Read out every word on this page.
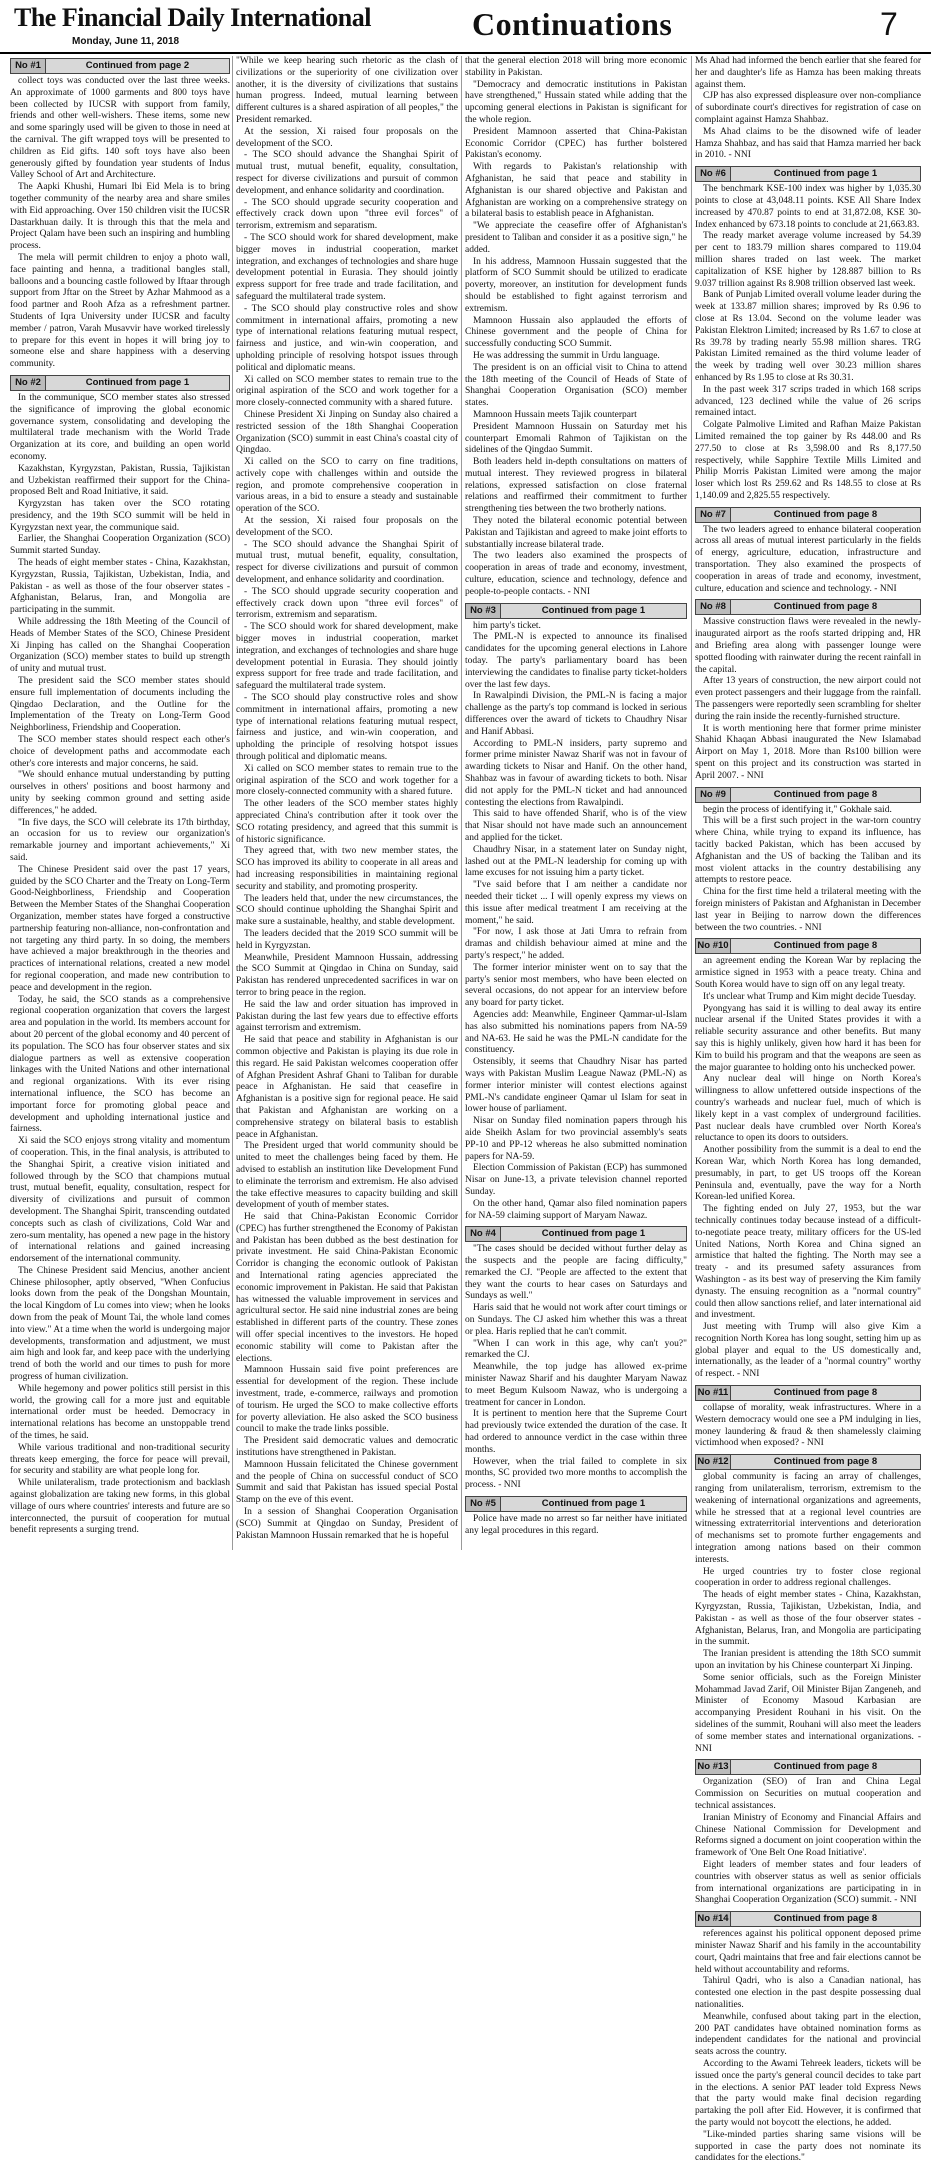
The Financial Daily International
Monday, June 11, 2018	Continuations	7
No #1	Continued from page 2

collect toys was conducted over the last three weeks. An approximate of 1000 garments and 800 toys have been collected by IUCSR with support from family, friends and other well-wishers. These items, some new and some sparingly used will be given to those in need at the carnival. The gift wrapped toys will be presented to children as Eid gifts. 140 soft toys have also been generously gifted by foundation year students of Indus Valley School of Art and Architecture.

The Aapki Khushi, Humari Ibi Eid Mela is to bring together community of the nearby area and share smiles with Eid approaching. Over 150 children visit the IUCSR Dastarkhuan daily. It is through this that the mela and Project Qalam have been such an inspiring and humbling process.

The mela will permit children to enjoy a photo wall, face painting and henna, a traditional bangles stall, balloons and a bouncing castle followed by Iftaar through support from Jftar on the Street by Azhar Mahmood as a food partner and Rooh Afza as a refreshment partner. Students of Iqra University under IUCSR and faculty member / patron, Varah Musavvir have worked tirelessly to prepare for this event in hopes it will bring joy to someone else and share happiness with a deserving community.

No #2	Continued from page 1

In the communique, SCO member states also stressed the significance of improving the global economic governance system, consolidating and developing the multilateral trade mechanism with the World Trade Organization at its core, and building an open world economy.

Kazakhstan, Kyrgyzstan, Pakistan, Russia, Tajikistan and Uzbekistan reaffirmed their support for the China-proposed Belt and Road Initiative, it said.

Kyrgyzstan has taken over the SCO rotating presidency, and the 19th SCO summit will be held in Kyrgyzstan next year, the communique said.

Earlier, the Shanghai Cooperation Organization (SCO) Summit started Sunday.

The heads of eight member states - China, Kazakhstan, Kyrgyzstan, Russia, Tajikistan, Uzbekistan, India, and Pakistan - as well as those of the four observer states - Afghanistan, Belarus, Iran, and Mongolia are participating in the summit.

While addressing the 18th Meeting of the Council of Heads of Member States of the SCO, Chinese President Xi Jinping has called on the Shanghai Cooperation Organization (SCO) member states to build up strength of unity and mutual trust.

The president said the SCO member states should ensure full implementation of documents including the Qingdao Declaration, and the Outline for the Implementation of the Treaty on Long-Term Good Neighborliness, Friendship and Cooperation.

The SCO member states should respect each other's choice of development paths and accommodate each other's core interests and major concerns, he said.

"We should enhance mutual understanding by putting ourselves in others' positions and boost harmony and unity by seeking common ground and setting aside differences," he added.

"In five days, the SCO will celebrate its 17th birthday, an occasion for us to review our organization's remarkable journey and important achievements," Xi said.

The Chinese President said over the past 17 years, guided by the SCO Charter and the Treaty on Long-Term Good-Neighborliness, Friendship and Cooperation Between the Member States of the Shanghai Cooperation Organization, member states have forged a constructive partnership featuring non-alliance, non-confrontation and not targeting any third party. In so doing, the members have achieved a major breakthrough in the theories and practices of international relations, created a new model for regional cooperation, and made new contribution to peace and development in the region.

Today, he said, the SCO stands as a comprehensive regional cooperation organization that covers the largest area and population in the world. Its members account for about 20 percent of the global economy and 40 percent of its population. The SCO has four observer states and six dialogue partners as well as extensive cooperation linkages with the United Nations and other international and regional organizations. With its ever rising international influence, the SCO has become an important force for promoting global peace and development and upholding international justice and fairness.

Xi said the SCO enjoys strong vitality and momentum of cooperation. This, in the final analysis, is attributed to the Shanghai Spirit, a creative vision initiated and followed through by the SCO that champions mutual trust, mutual benefit, equality, consultation, respect for diversity of civilizations and pursuit of common development. The Shanghai Spirit, transcending outdated concepts such as clash of civilizations, Cold War and zero-sum mentality, has opened a new page in the history of international relations and gained increasing endorsement of the international community.

The Chinese President said Mencius, another ancient Chinese philosopher, aptly observed, "When Confucius looks down from the peak of the Dongshan Mountain, the local Kingdom of Lu comes into view; when he looks down from the peak of Mount Tai, the whole land comes into view." At a time when the world is undergoing major developments, transformation and adjustment, we must aim high and look far, and keep pace with the underlying trend of both the world and our times to push for more progress of human civilization.

While hegemony and power politics still persist in this world, the growing call for a more just and equitable international order must be heeded. Democracy in international relations has become an unstoppable trend of the times, he said.

While various traditional and non-traditional security threats keep emerging, the force for peace will prevail, for security and stability are what people long for.

While unilateralism, trade protectionism and backlash against globalization are taking new forms, in this global village of ours where countries' interests and future are so interconnected, the pursuit of cooperation for mutual benefit represents a surging trend.

"While we keep hearing such rhetoric as the clash of civilizations or the superiority of one civilization over another, it is the diversity of civilizations that sustains human progress. Indeed, mutual learning between different cultures is a shared aspiration of all peoples," the President remarked.

At the session, Xi raised four proposals on the development of the SCO.

- The SCO should advance the Shanghai Spirit of mutual trust, mutual benefit, equality, consultation, respect for diverse civilizations and pursuit of common development, and enhance solidarity and coordination.

- The SCO should upgrade security cooperation and effectively crack down upon "three evil forces" of terrorism, extremism and separatism.

- The SCO should work for shared development, make bigger moves in industrial cooperation, market integration, and exchanges of technologies and share huge development potential in Eurasia. They should jointly express support for free trade and trade facilitation, and safeguard the multilateral trade system.

- The SCO should play constructive roles and show commitment in international affairs, promoting a new type of international relations featuring mutual respect, fairness and justice, and win-win cooperation, and upholding principle of resolving hotspot issues through political and diplomatic means.

Xi called on SCO member states to remain true to the original aspiration of the SCO and work together for a more closely-connected community with a shared future.

Chinese President Xi Jinping on Sunday also chaired a restricted session of the 18th Shanghai Cooperation Organization (SCO) summit in east China's coastal city of Qingdao.

Xi called on the SCO to carry on fine traditions, actively cope with challenges within and outside the region, and promote comprehensive cooperation in various areas, in a bid to ensure a steady and sustainable operation of the SCO.

At the session, Xi raised four proposals on the development of the SCO.

- The SCO should advance the Shanghai Spirit of mutual trust, mutual benefit, equality, consultation, respect for diverse civilizations and pursuit of common development, and enhance solidarity and coordination.

- The SCO should upgrade security cooperation and effectively crack down upon "three evil forces" of terrorism, extremism and separatism.

- The SCO should work for shared development, make bigger moves in industrial cooperation, market integration, and exchanges of technologies and share huge development potential in Eurasia. They should jointly express support for free trade and trade facilitation, and safeguard the multilateral trade system.

- The SCO should play constructive roles and show commitment in international affairs, promoting a new type of international relations featuring mutual respect, fairness and justice, and win-win cooperation, and upholding the principle of resolving hotspot issues through political and diplomatic means.

Xi called on SCO member states to remain true to the original aspiration of the SCO and work together for a more closely-connected community with a shared future.

The other leaders of the SCO member states highly appreciated China's contribution after it took over the SCO rotating presidency, and agreed that this summit is of historic significance.

They agreed that, with two new member states, the SCO has improved its ability to cooperate in all areas and had increasing responsibilities in maintaining regional security and stability, and promoting prosperity.

The leaders held that, under the new circumstances, the SCO should continue upholding the Shanghai Spirit and make sure a sustainable, healthy, and stable development.

The leaders decided that the 2019 SCO summit will be held in Kyrgyzstan.

Meanwhile, President Mamnoon Hussain, addressing the SCO Summit at Qingdao in China on Sunday, said Pakistan has rendered unprecedented sacrifices in war on terror to bring peace in the region.

He said the law and order situation has improved in Pakistan during the last few years due to effective efforts against terrorism and extremism.

He said that peace and stability in Afghanistan is our common objective and Pakistan is playing its due role in this regard. He said Pakistan welcomes cooperation offer of Afghan President Ashraf Ghani to Taliban for durable peace in Afghanistan. He said that ceasefire in Afghanistan is a positive sign for regional peace. He said that Pakistan and Afghanistan are working on a comprehensive strategy on bilateral basis to establish peace in Afghanistan.

The President urged that world community should be united to meet the challenges being faced by them. He advised to establish an institution like Development Fund to eliminate the terrorism and extremism. He also advised the take effective measures to capacity building and skill development of youth of member states.

He said that China-Pakistan Economic Corridor (CPEC) has further strengthened the Economy of Pakistan and Pakistan has been dubbed as the best destination for private investment. He said China-Pakistan Economic Corridor is changing the economic outlook of Pakistan and International rating agencies appreciated the economic improvement in Pakistan. He said that Pakistan has witnessed the valuable improvement in services and agricultural sector. He said nine industrial zones are being established in different parts of the country. These zones will offer special incentives to the investors. He hoped economic stability will come to Pakistan after the elections.

Mamnoon Hussain said five point preferences are essential for development of the region. These include investment, trade, e-commerce, railways and promotion of tourism. He urged the SCO to make collective efforts for poverty alleviation. He also asked the SCO business council to make the trade links possible.

The President said democratic values and democratic institutions have strengthened in Pakistan.

Mamnoon Hussain felicitated the Chinese government and the people of China on successful conduct of SCO Summit and said that Pakistan has issued special Postal Stamp on the eve of this event.

In a session of Shanghai Cooperation Organisation (SCO) Summit at Qingdao on Sunday, President of Pakistan Mamnoon Hussain remarked that he is hopeful

that the general election 2018 will bring more economic stability in Pakistan.

"Democracy and democratic institutions in Pakistan have strengthened," Hussain stated while adding that the upcoming general elections in Pakistan is significant for the whole region.

President Mamnoon asserted that China-Pakistan Economic Corridor (CPEC) has further bolstered Pakistan's economy.

With regards to Pakistan's relationship with Afghanistan, he said that peace and stability in Afghanistan is our shared objective and Pakistan and Afghanistan are working on a comprehensive strategy on a bilateral basis to establish peace in Afghanistan.

"We appreciate the ceasefire offer of Afghanistan's president to Taliban and consider it as a positive sign," he added.

In his address, Mamnoon Hussain suggested that the platform of SCO Summit should be utilized to eradicate poverty, moreover, an institution for development funds should be established to fight against terrorism and extremism.

Mamnoon Hussain also applauded the efforts of Chinese government and the people of China for successfully conducting SCO Summit.

He was addressing the summit in Urdu language.

The president is on an official visit to China to attend the 18th meeting of the Council of Heads of State of Shanghai Cooperation Organisation (SCO) member states.

Mamnoon Hussain meets Tajik counterpart

President Mamnoon Hussain on Saturday met his counterpart Emomali Rahmon of Tajikistan on the sidelines of the Qingdao Summit.

Both leaders held in-depth consultations on matters of mutual interest. They reviewed progress in bilateral relations, expressed satisfaction on close fraternal relations and reaffirmed their commitment to further strengthening ties between the two brotherly nations.

They noted the bilateral economic potential between Pakistan and Tajikistan and agreed to make joint efforts to substantially increase bilateral trade.

The two leaders also examined the prospects of cooperation in areas of trade and economy, investment, culture, education, science and technology, defence and people-to-people contacts. - NNI

No #3	Continued from page 1

him party's ticket.

The PML-N is expected to announce its finalised candidates for the upcoming general elections in Lahore today. The party's parliamentary board has been interviewing the candidates to finalise party ticket-holders over the last few days.

In Rawalpindi Division, the PML-N is facing a major challenge as the party's top command is locked in serious differences over the award of tickets to Chaudhry Nisar and Hanif Abbasi.

According to PML-N insiders, party supremo and former prime minister Nawaz Sharif was not in favour of awarding tickets to Nisar and Hanif. On the other hand, Shahbaz was in favour of awarding tickets to both. Nisar did not apply for the PML-N ticket and had announced contesting the elections from Rawalpindi.

This said to have offended Sharif, who is of the view that Nisar should not have made such an announcement and applied for the ticket.

Chaudhry Nisar, in a statement later on Sunday night, lashed out at the PML-N leadership for coming up with lame excuses for not issuing him a party ticket.

"I've said before that I am neither a candidate nor needed their ticket ... I will openly express my views on this issue after medical treatment I am receiving at the moment," he said.

"For now, I ask those at Jati Umra to refrain from dramas and childish behaviour aimed at mine and the party's respect," he added.

The former interior minister went on to say that the party's senior most members, who have been elected on several occasions, do not appear for an interview before any board for party ticket.

Agencies add: Meanwhile, Engineer Qammar-ul-Islam has also submitted his nominations papers from NA-59 and NA-63. He said he was the PML-N candidate for the constituency.

Ostensibly, it seems that Chaudhry Nisar has parted ways with Pakistan Muslim League Nawaz (PML-N) as former interior minister will contest elections against PML-N's candidate engineer Qamar ul Islam for seat in lower house of parliament.

Nisar on Sunday filed nomination papers through his aide Sheikh Aslam for two provincial assembly's seats PP-10 and PP-12 whereas he also submitted nomination papers for NA-59.

Election Commission of Pakistan (ECP) has summoned Nisar on June-13, a private television channel reported Sunday.

On the other hand, Qamar also filed nomination papers for NA-59 claiming support of Maryam Nawaz.

No #4	Continued from page 1

"The cases should be decided without further delay as the suspects and the people are facing difficulty," remarked the CJ. "People are affected to the extent that they want the courts to hear cases on Saturdays and Sundays as well."

Haris said that he would not work after court timings or on Sundays. The CJ asked him whether this was a threat or plea. Haris replied that he can't commit.

"When I can work in this age, why can't you?" remarked the CJ.

Meanwhile, the top judge has allowed ex-prime minister Nawaz Sharif and his daughter Maryam Nawaz to meet Begum Kulsoom Nawaz, who is undergoing a treatment for cancer in London.

It is pertinent to mention here that the Supreme Court had previously twice extended the duration of the case. It had ordered to announce verdict in the case within three months.

However, when the trial failed to complete in six months, SC provided two more months to accomplish the process. - NNI

No #5	Continued from page 1

Police have made no arrest so far neither have initiated any legal procedures in this regard.

Ms Ahad had informed the bench earlier that she feared for her and daughter's life as Hamza has been making threats against them.

CJP has also expressed displeasure over non-compliance of subordinate court's directives for registration of case on complaint against Hamza Shahbaz.

Ms Ahad claims to be the disowned wife of leader Hamza Shahbaz, and has said that Hamza married her back in 2010. - NNI

No #6	Continued from page 1

The benchmark KSE-100 index was higher by 1,035.30 points to close at 43,048.11 points. KSE All Share Index increased by 470.87 points to end at 31,872.08, KSE 30-Index enhanced by 673.18 points to conclude at 21,663.83.

The ready market average volume increased by 54.39 per cent to 183.79 million shares compared to 119.04 million shares traded on last week. The market capitalization of KSE higher by 128.887 billion to Rs 9.037 trillion against Rs 8.908 trillion observed last week.

Bank of Punjab Limited overall volume leader during the week at 133.87 million shares; improved by Rs 0.96 to close at Rs 13.04. Second on the volume leader was Pakistan Elektron Limited; increased by Rs 1.67 to close at Rs 39.78 by trading nearly 55.98 million shares. TRG Pakistan Limited remained as the third volume leader of the week by trading well over 30.23 million shares enhanced by Rs 1.95 to close at Rs 30.31.

In the past week 317 scrips traded in which 168 scrips advanced, 123 declined while the value of 26 scrips remained intact.

Colgate Palmolive Limited and Rafhan Maize Pakistan Limited remained the top gainer by Rs 448.00 and Rs 277.50 to close at Rs 3,598.00 and Rs 8,177.50 respectively, while Sapphire Textile Mills Limited and Philip Morris Pakistan Limited were among the major loser which lost Rs 259.62 and Rs 148.55 to close at Rs 1,140.09 and 2,825.55 respectively.

No #7	Continued from page 8

The two leaders agreed to enhance bilateral cooperation across all areas of mutual interest particularly in the fields of energy, agriculture, education, infrastructure and transportation. They also examined the prospects of cooperation in areas of trade and economy, investment, culture, education and science and technology. - NNI

No #8	Continued from page 8

Massive construction flaws were revealed in the newly-inaugurated airport as the roofs started dripping and, HR and Briefing area along with passenger lounge were spotted flooding with rainwater during the recent rainfall in the capital.

After 13 years of construction, the new airport could not even protect passengers and their luggage from the rainfall. The passengers were reportedly seen scrambling for shelter during the rain inside the recently-furnished structure.

It is worth mentioning here that former prime minister Shahid Khaqan Abbasi inaugurated the New Islamabad Airport on May 1, 2018. More than Rs100 billion were spent on this project and its construction was started in April 2007. - NNI

No #9	Continued from page 8

begin the process of identifying it," Gokhale said.

This will be a first such project in the war-torn country where China, while trying to expand its influence, has tacitly backed Pakistan, which has been accused by Afghanistan and the US of backing the Taliban and its most violent attacks in the country destabilising any attempts to restore peace.

China for the first time held a trilateral meeting with the foreign ministers of Pakistan and Afghanistan in December last year in Beijing to narrow down the differences between the two countries. - NNI

No #10	Continued from page 8

an agreement ending the Korean War by replacing the armistice signed in 1953 with a peace treaty. China and South Korea would have to sign off on any legal treaty.

It's unclear what Trump and Kim might decide Tuesday.

Pyongyang has said it is willing to deal away its entire nuclear arsenal if the United States provides it with a reliable security assurance and other benefits. But many say this is highly unlikely, given how hard it has been for Kim to build his program and that the weapons are seen as the major guarantee to holding onto his unchecked power.

Any nuclear deal will hinge on North Korea's willingness to allow unfettered outside inspections of the country's warheads and nuclear fuel, much of which is likely kept in a vast complex of underground facilities. Past nuclear deals have crumbled over North Korea's reluctance to open its doors to outsiders.

Another possibility from the summit is a deal to end the Korean War, which North Korea has long demanded, presumably, in part, to get US troops off the Korean Peninsula and, eventually, pave the way for a North Korean-led unified Korea.

The fighting ended on July 27, 1953, but the war technically continues today because instead of a difficult-to-negotiate peace treaty, military officers for the US-led United Nations, North Korea and China signed an armistice that halted the fighting. The North may see a treaty - and its presumed safety assurances from Washington - as its best way of preserving the Kim family dynasty. The ensuing recognition as a "normal country" could then allow sanctions relief, and later international aid and investment.

Just meeting with Trump will also give Kim a recognition North Korea has long sought, setting him up as global player and equal to the US domestically and, internationally, as the leader of a "normal country" worthy of respect. - NNI

No #11	Continued from page 8

collapse of morality, weak infrastructures. Where in a Western democracy would one see a PM indulging in lies, money laundering & fraud & then shamelessly claiming victimhood when exposed? - NNI

No #12	Continued from page 8

global community is facing an array of challenges, ranging from unilateralism, terrorism, extremism to the weakening of international organizations and agreements, while he stressed that at a regional level countries are witnessing extraterritorial interventions and deterioration of mechanisms set to promote further engagements and integration among nations based on their common interests.

He urged countries try to foster close regional cooperation in order to address regional challenges.

The heads of eight member states - China, Kazakhstan, Kyrgyzstan, Russia, Tajikistan, Uzbekistan, India, and Pakistan - as well as those of the four observer states - Afghanistan, Belarus, Iran, and Mongolia are participating in the summit.

The Iranian president is attending the 18th SCO summit upon an invitation by his Chinese counterpart Xi Jinping.

Some senior officials, such as the Foreign Minister Mohammad Javad Zarif, Oil Minister Bijan Zangeneh, and Minister of Economy Masoud Karbasian are accompanying President Rouhani in his visit. On the sidelines of the summit, Rouhani will also meet the leaders of some member states and international organizations. - NNI

No #13	Continued from page 8

Organization (SEO) of Iran and China Legal Commission on Securities on mutual cooperation and technical assistances.

Iranian Ministry of Economy and Financial Affairs and Chinese National Commission for Development and Reforms signed a document on joint cooperation within the framework of 'One Belt One Road Initiative'.

Eight leaders of member states and four leaders of countries with observer status as well as senior officials from international organizations are participating in in Shanghai Cooperation Organization (SCO) summit. - NNI

No #14	Continued from page 8

references against his political opponent deposed prime minister Nawaz Sharif and his family in the accountability court, Qadri maintains that free and fair elections cannot be held without accountability and reforms.

Tahirul Qadri, who is also a Canadian national, has contested one election in the past despite possessing dual nationalities.

Meanwhile, confused about taking part in the election, 200 PAT candidates have obtained nomination forms as independent candidates for the national and provincial seats across the country.

According to the Awami Tehreek leaders, tickets will be issued once the party's general council decides to take part in the elections. A senior PAT leader told Express News that the party would make final decision regarding partaking the poll after Eid. However, it is confirmed that the party would not boycott the elections, he added.

"Like-minded parties sharing same visions will be supported in case the party does not nominate its candidates for the elections."
